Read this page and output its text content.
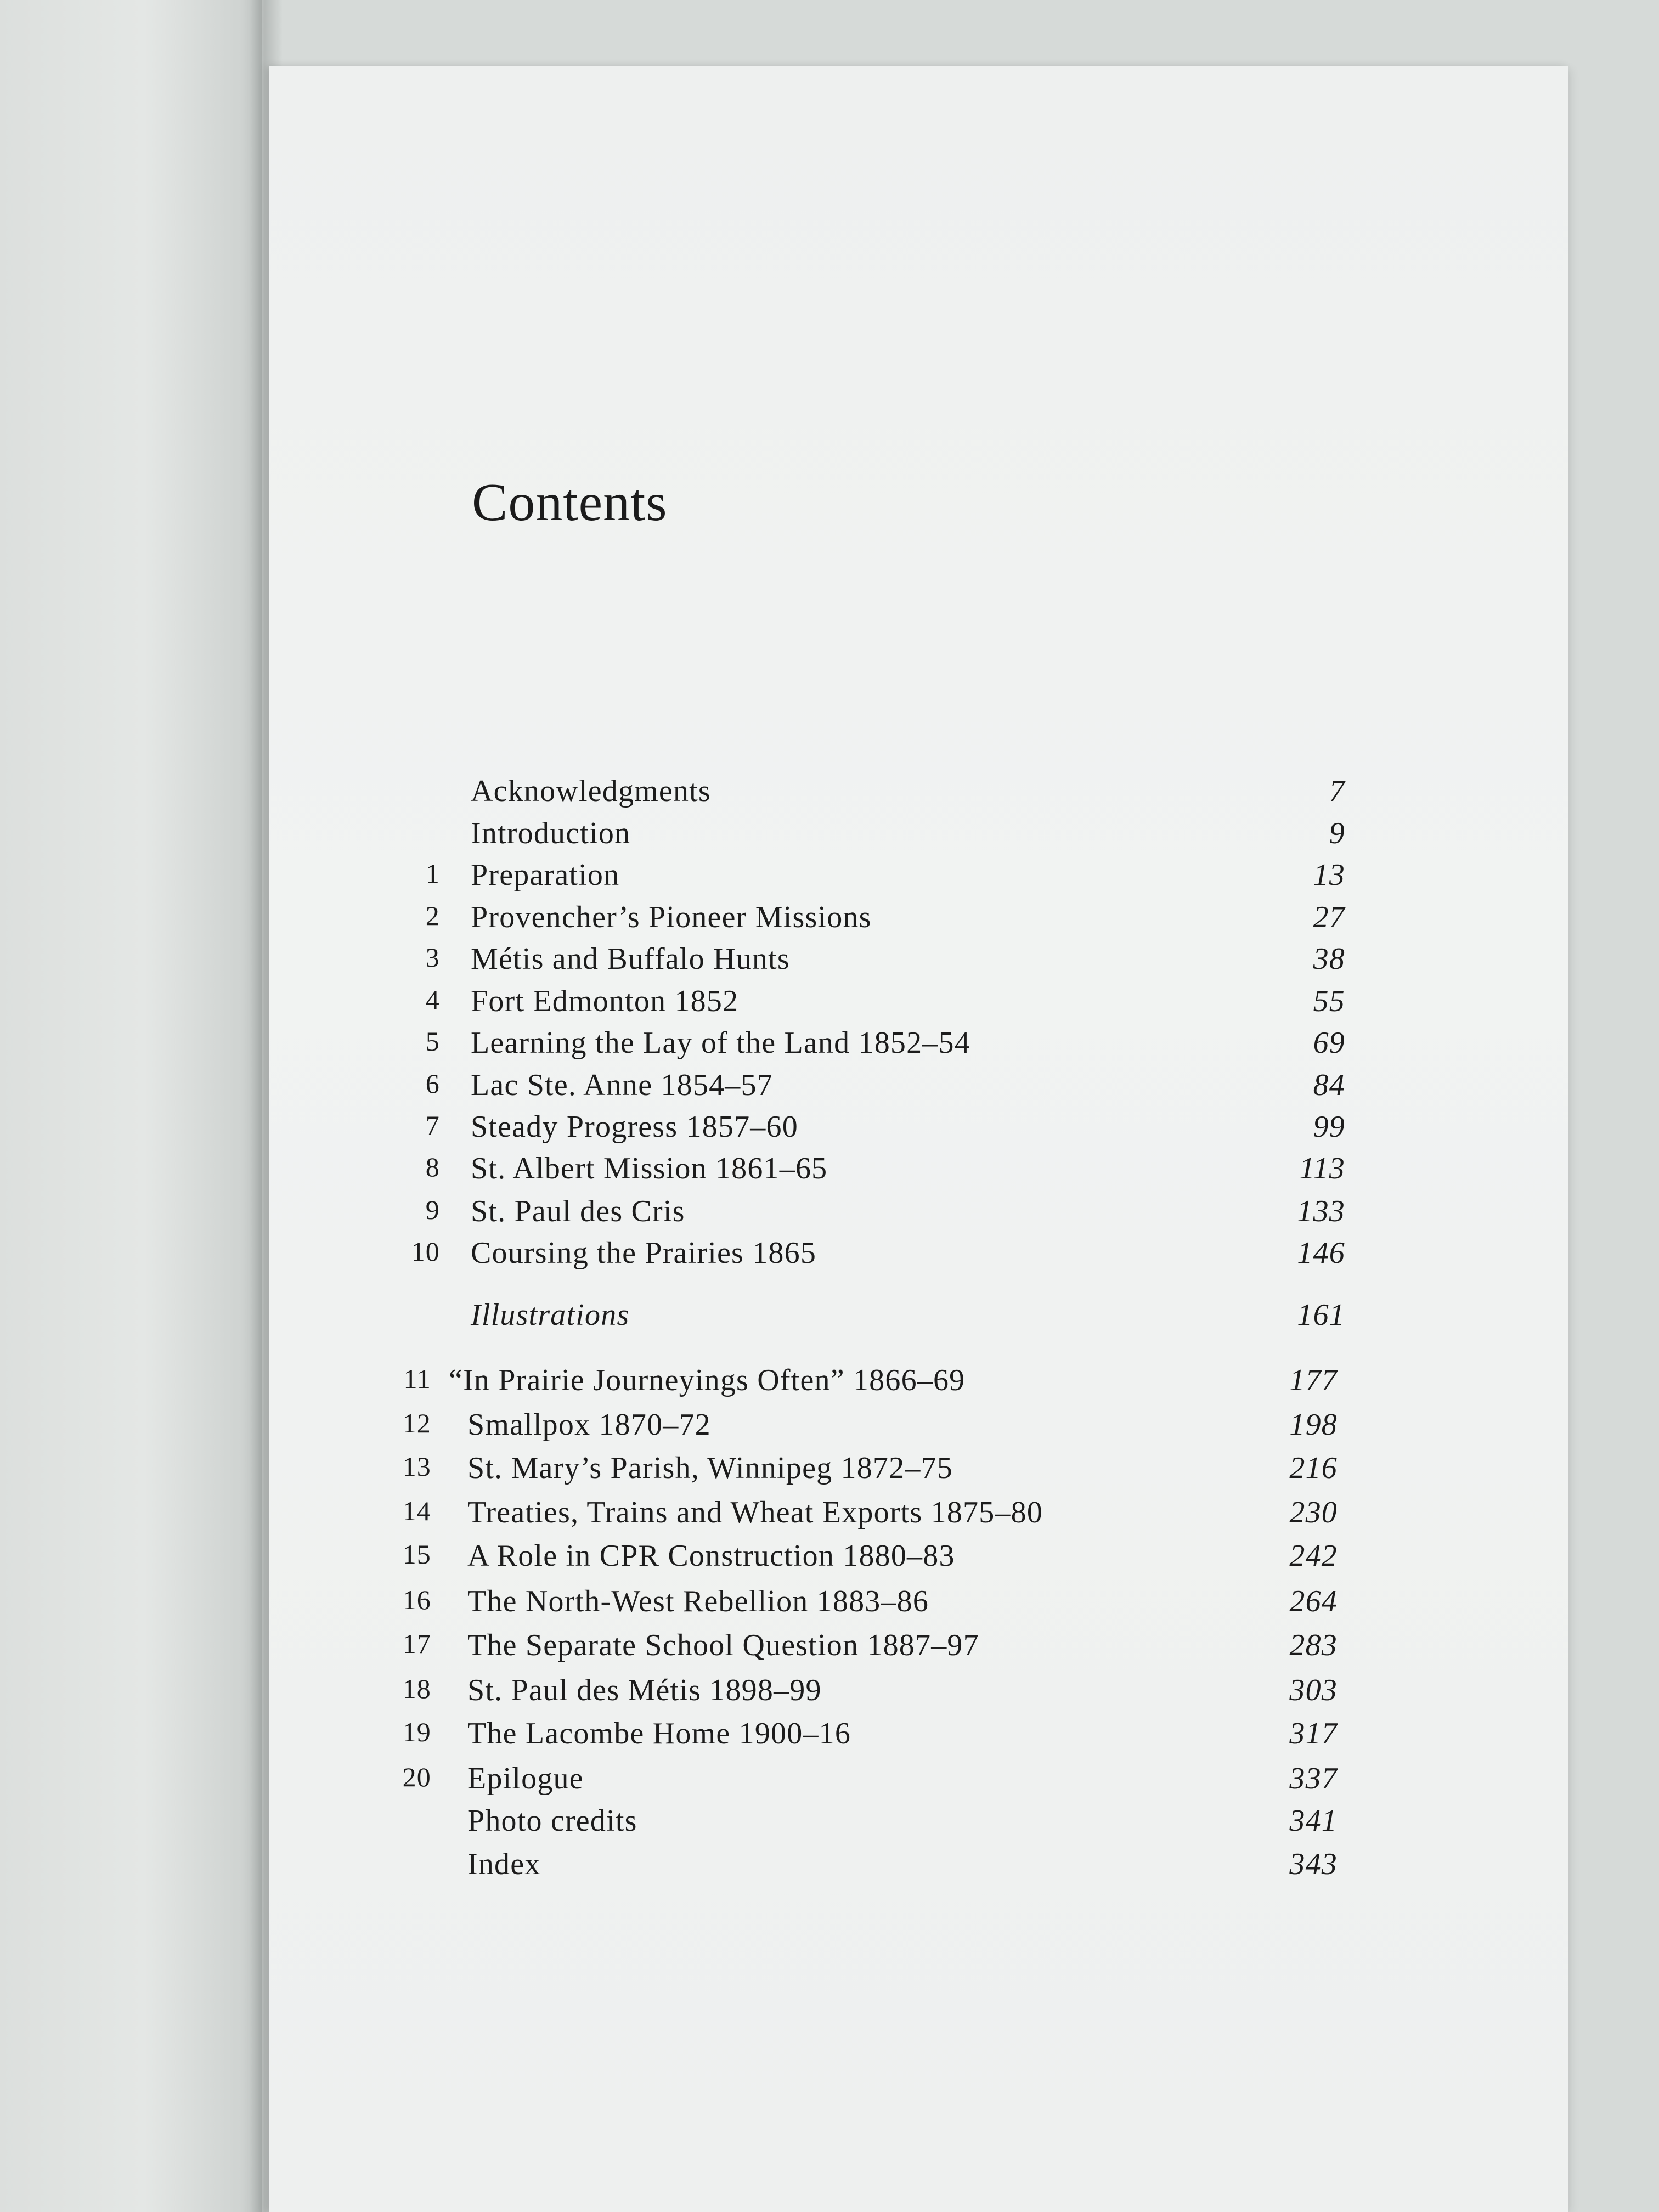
Contents
Acknowledgments	7
Introduction	9
1 Preparation	13
2 Provencher’s Pioneer Missions	27
3 Métis and Buffalo Hunts	38
4 Fort Edmonton 1852	55
5 Learning the Lay of the Land 1852–54	69
6 Lac Ste. Anne 1854–57	84
7 Steady Progress 1857–60	99
8 St. Albert Mission 1861–65	113
9 St. Paul des Cris	133
10 Coursing the Prairies 1865	146
Illustrations	161
11 “In Prairie Journeyings Often” 1866–69	177
12 Smallpox 1870–72	198
13 St. Mary’s Parish, Winnipeg 1872–75	216
14 Treaties, Trains and Wheat Exports 1875–80	230
15 A Role in CPR Construction 1880–83	242
16 The North-West Rebellion 1883–86	264
17 The Separate School Question 1887–97	283
18 St. Paul des Métis 1898–99	303
19 The Lacombe Home 1900–16	317
20 Epilogue	337
Photo credits	341
Index	343
